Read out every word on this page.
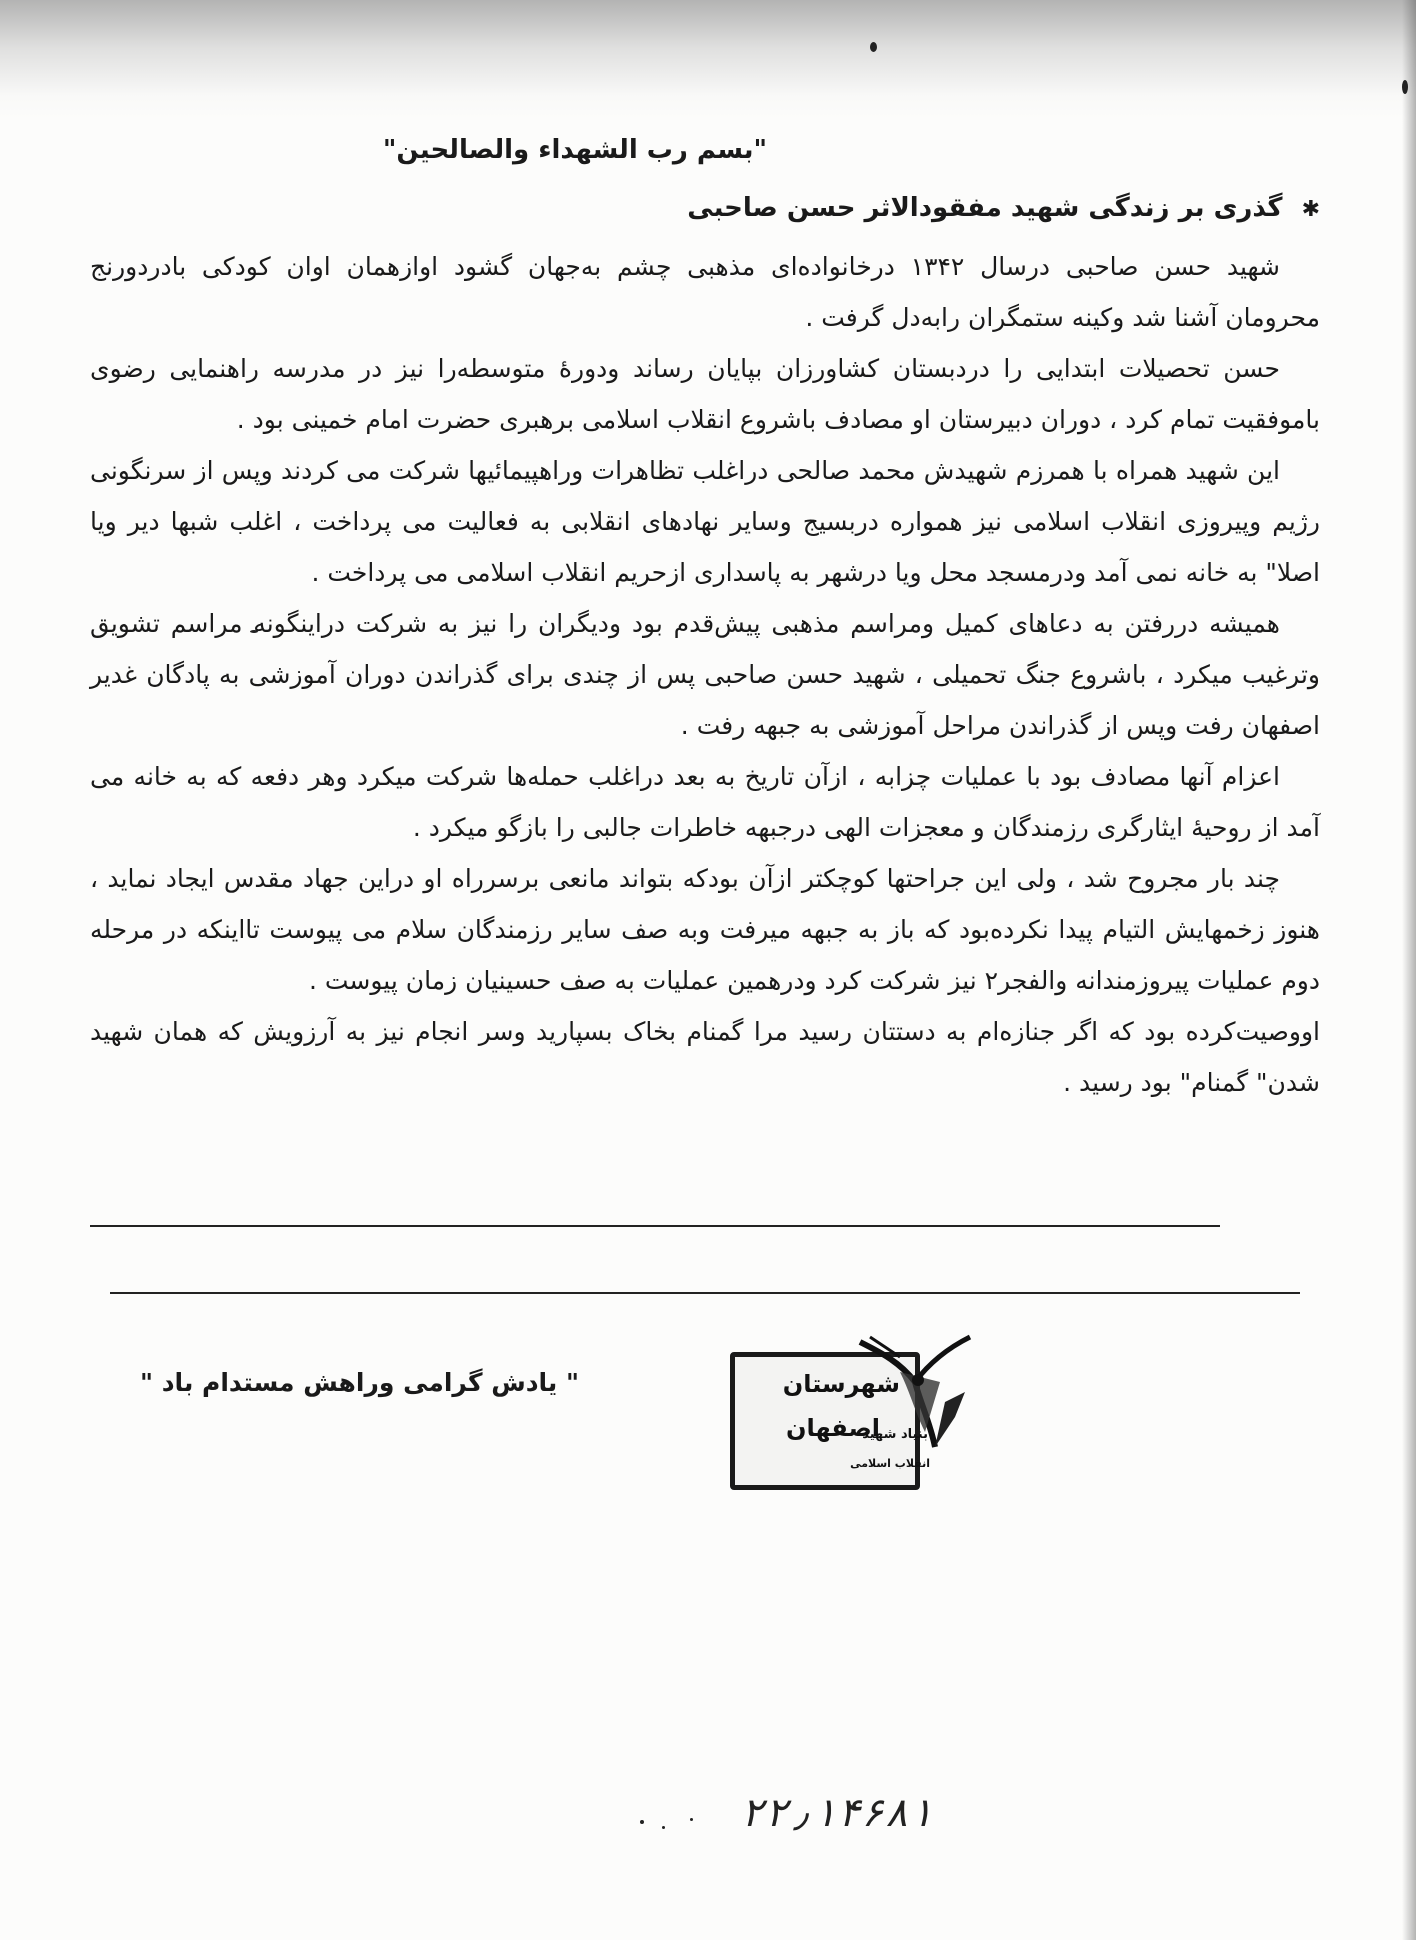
"بسم رب الشهداء والصالحین"
✱ گذری بر زندگی شهید مفقودالاثر حسن صاحبی

شهید حسن صاحبی درسال ۱۳۴۲ درخانواده‌ای مذهبی چشم به‌جهان گشود اوازهمان اوان کودکی بادردورنج محرومان آشنا شد وکینه ستمگران رابه‌دل گرفت .

حسن تحصیلات ابتدایی را دردبستان کشاورزان بپایان رساند ودوره‌ٔ متوسطه‌را نیز در مدرسه راهنمایی رضوی باموفقیت تمام کرد ، دوران دبیرستان او مصادف باشروع انقلاب اسلامی برهبری حضرت امام خمینی بود .

این شهید همراه با همرزم شهیدش محمد صالحی دراغلب تظاهرات وراهپیمائیها شرکت می کردند وپس از سرنگونی رژیم وپیروزی انقلاب اسلامی نیز همواره دربسیج وسایر نهادهای انقلابی به فعالیت می پرداخت ، اغلب شبها دیر ویا اصلا" به خانه نمی آمد ودرمسجد محل ویا درشهر به پاسداری ازحریم انقلاب اسلامی می پرداخت .

همیشه دررفتن به دعاهای کمیل ومراسم مذهبی پیش‌قدم بود ودیگران را نیز به شرکت دراینگونه مراسم تشویق وترغیب میکرد ، باشروع جنگ تحمیلی ، شهید حسن صاحبی پس از چندی برای گذراندن دوران آموزشی به پادگان غدیر اصفهان رفت وپس از گذراندن مراحل آموزشی به جبهه رفت .

اعزام آنها مصادف بود با عملیات چزابه ، ازآن تاریخ به بعد دراغلب حمله‌ها شرکت میکرد وهر دفعه که به خانه می آمد از روحیه‌ٔ ایثارگری رزمندگان و معجزات الهی درجبهه خاطرات جالبی را بازگو میکرد .

چند بار مجروح شد ، ولی این جراحتها کوچکتر ازآن بودکه بتواند مانعی برسرراه او دراین جهاد مقدس ایجاد نماید ، هنوز زخمهایش التیام پیدا نکرده‌بود که باز به جبهه میرفت وبه صف سایر رزمندگان سلام می پیوست تااینکه در مرحله دوم عملیات پیروزمندانه والفجر۲ نیز شرکت کرد ودرهمین عملیات به صف حسینیان زمان پیوست .

اووصیت‌کرده بود که اگر جنازه‌ام به دستتان رسید مرا گمنام بخاک بسپارید وسر انجام نیز به آرزویش که همان شهید شدن" گمنام" بود رسید .

" یادش گرامی وراهش مستدام باد "	شهرستان
اصفهان
بنیاد شهید
انقلاب اسلامی
۲۲٫۱۴۶۸۱
